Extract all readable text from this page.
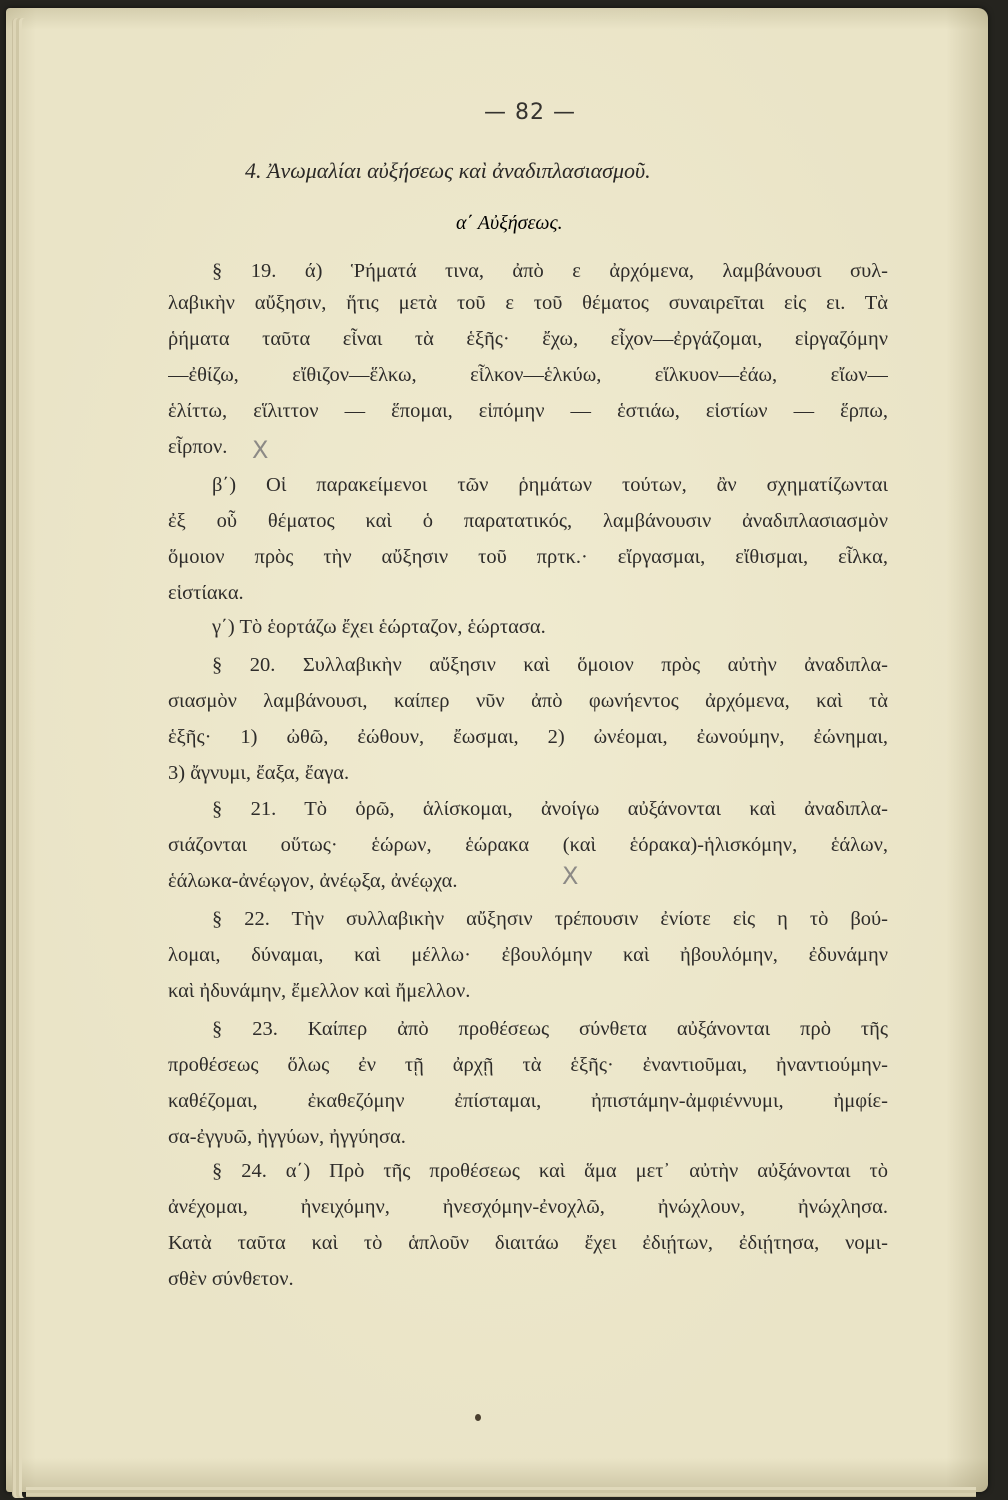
— 82 —
4. Ἀνωμαλίαι αὐξήσεως καὶ ἀναδιπλασιασμοῦ.
α΄ Αὐξήσεως.
§ 19. ά) Ῥήματά τινα, ἀπὸ ε ἀρχόμενα, λαμβάνουσι συλ-
λαβικὴν αὔξησιν, ἥτις μετὰ τοῦ ε τοῦ θέματος συναιρεῖται εἰς ει. Τὰ
ῥήματα ταῦτα εἶναι τὰ ἑξῆς· ἔχω, εἶχον—ἐργάζομαι, εἰργαζόμην
—ἐθίζω, εἴθιζον—ἕλκω, εἷλκον—ἑλκύω, εἵλκυον—ἐάω, εἴων—
ἑλίττω, εἵλιττον — ἕπομαι, εἱπόμην — ἑστιάω, εἱστίων — ἕρπω,
εἷρπον.
β΄) Οἱ παρακείμενοι τῶν ῥημάτων τούτων, ἂν σχηματίζωνται
ἐξ οὗ θέματος καὶ ὁ παρατατικός, λαμβάνουσιν ἀναδιπλασιασμὸν
ὅμοιον πρὸς τὴν αὔξησιν τοῦ πρτκ.· εἴργασμαι, εἴθισμαι, εἷλκα,
εἱστίακα.
γ΄) Τὸ ἑορτάζω ἔχει ἑώρταζον, ἑώρτασα.
§ 20. Συλλαβικὴν αὔξησιν καὶ ὅμοιον πρὸς αὐτὴν ἀναδιπλα-
σιασμὸν λαμβάνουσι, καίπερ νῦν ἀπὸ φωνήεντος ἀρχόμενα, καὶ τὰ
ἑξῆς· 1) ὠθῶ, ἐώθουν, ἔωσμαι, 2) ὠνέομαι, ἐωνούμην, ἐώνημαι,
3) ἄγνυμι, ἔαξα, ἔαγα.
§ 21. Τὸ ὁρῶ, ἁλίσκομαι, ἀνοίγω αὐξάνονται καὶ ἀναδιπλα-
σιάζονται οὕτως· ἑώρων, ἑώρακα (καὶ ἑόρακα)-ἡλισκόμην, ἑάλων,
ἑάλωκα-ἀνέῳγον, ἀνέῳξα, ἀνέῳχα.
§ 22. Τὴν συλλαβικὴν αὔξησιν τρέπουσιν ἐνίοτε εἰς η τὸ βού-
λομαι, δύναμαι, καὶ μέλλω· ἐβουλόμην καὶ ἠβουλόμην, ἐδυνάμην
καὶ ἠδυνάμην, ἔμελλον καὶ ἤμελλον.
§ 23. Καίπερ ἀπὸ προθέσεως σύνθετα αὐξάνονται πρὸ τῆς
προθέσεως ὅλως ἐν τῇ ἀρχῇ τὰ ἑξῆς· ἐναντιοῦμαι, ἠναντιούμην-
καθέζομαι, ἐκαθεζόμην ἐπίσταμαι, ἠπιστάμην-ἀμφιέννυμι, ἠμφίε-
σα-ἐγγυῶ, ἠγγύων, ἠγγύησα.
§ 24. α΄) Πρὸ τῆς προθέσεως καὶ ἅμα μετ᾽ αὐτὴν αὐξάνονται τὸ
ἀνέχομαι, ἠνειχόμην, ἠνεσχόμην-ἐνοχλῶ, ἠνώχλουν, ἠνώχλησα.
Κατὰ ταῦτα καὶ τὸ ἁπλοῦν διαιτάω ἔχει ἐδιῄτων, ἐδιῄτησα, νομι-
σθὲν σύνθετον.
X
X
